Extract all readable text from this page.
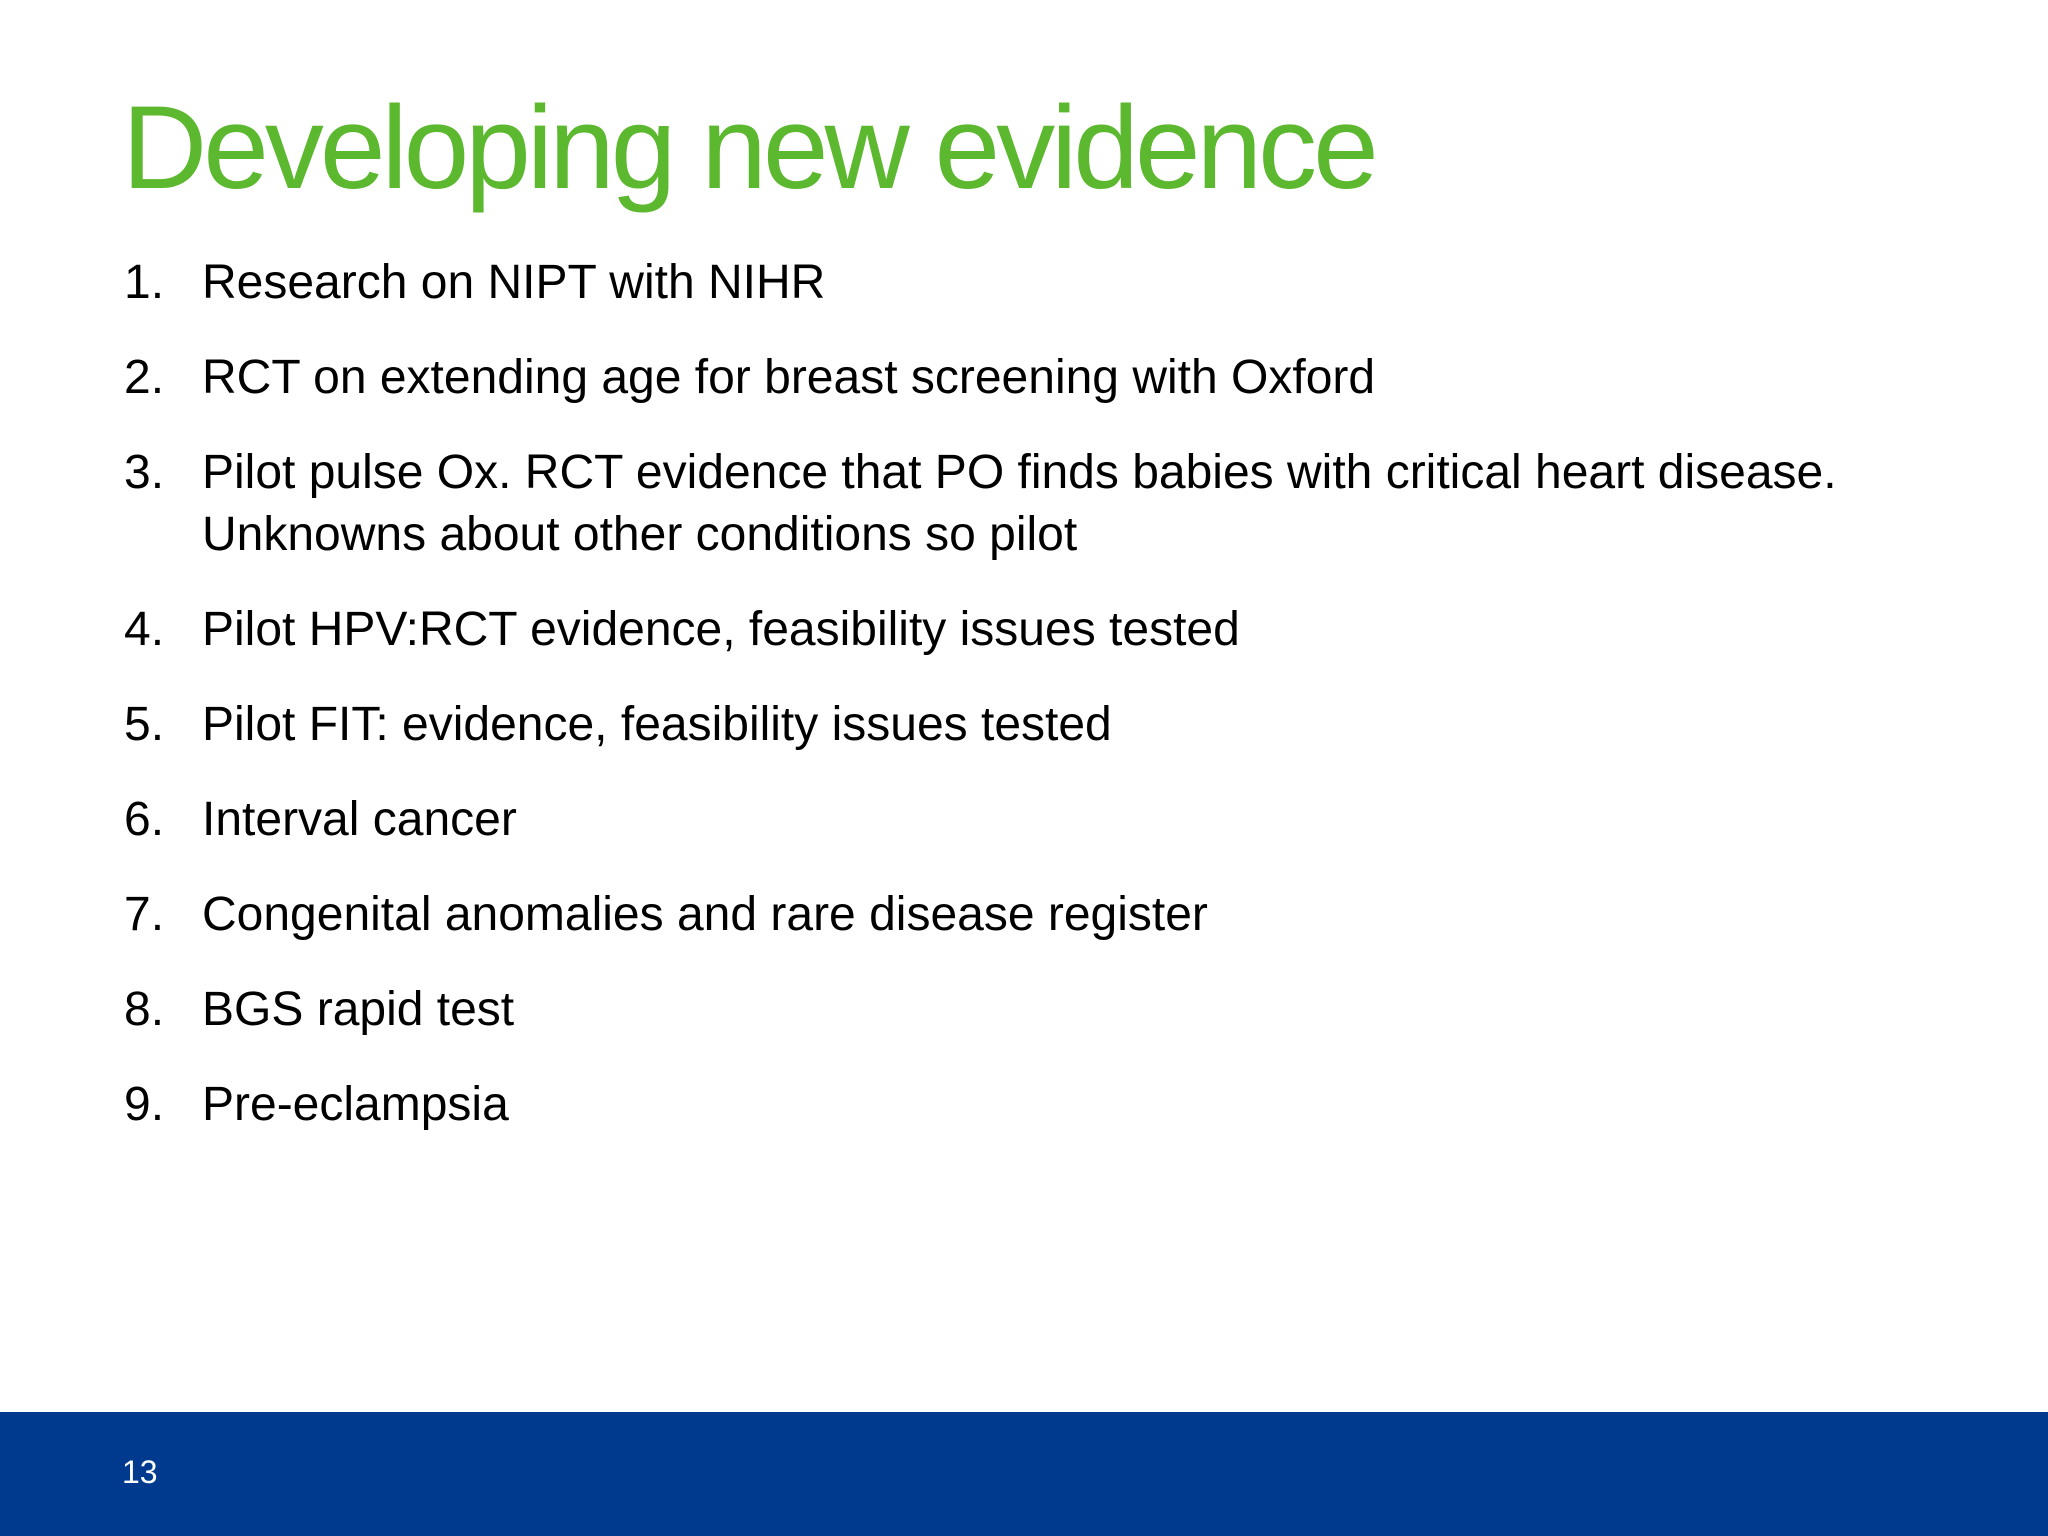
Developing new evidence
1. Research on NIPT with NIHR
2. RCT on extending age for breast screening with Oxford
3. Pilot pulse Ox. RCT evidence that PO finds babies with critical heart disease. Unknowns about other conditions so pilot
4. Pilot HPV:RCT evidence, feasibility issues tested
5. Pilot FIT: evidence, feasibility issues tested
6. Interval cancer
7. Congenital anomalies and rare disease register
8. BGS rapid test
9. Pre-eclampsia
13
